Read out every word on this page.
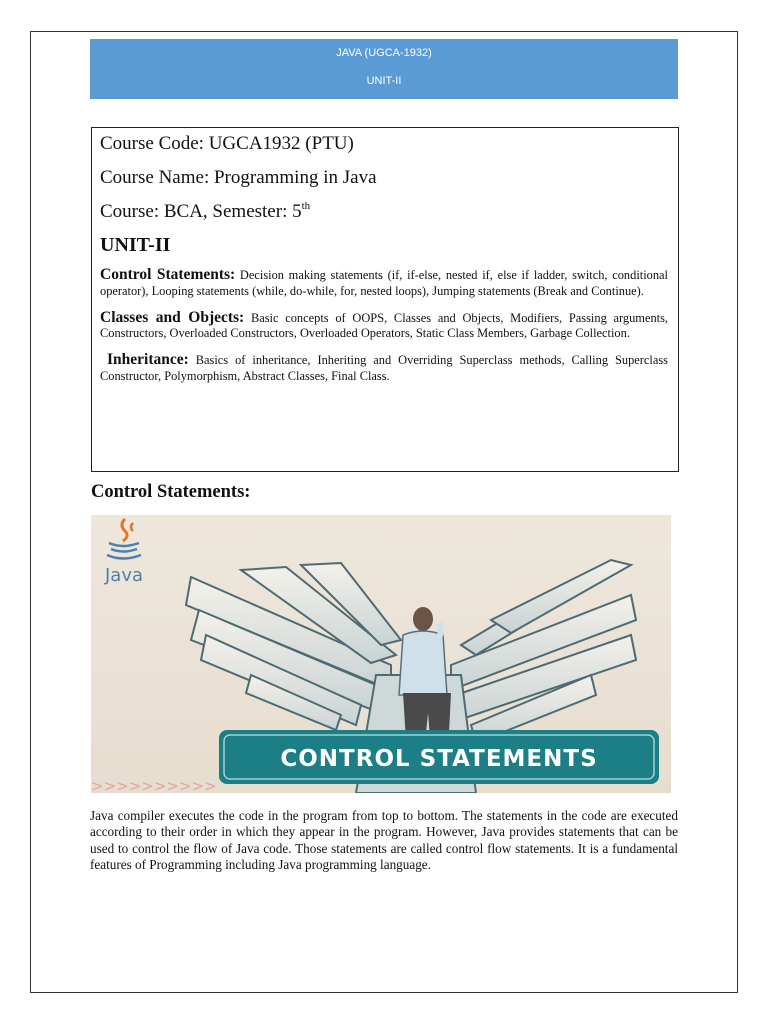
JAVA (UGCA-1932)
UNIT-II
Course Code: UGCA1932 (PTU)
Course Name: Programming in Java
Course: BCA, Semester: 5th
UNIT-II

Control Statements: Decision making statements (if, if-else, nested if, else if ladder, switch, conditional operator), Looping statements (while, do-while, for, nested loops), Jumping statements (Break and Continue).

Classes and Objects: Basic concepts of OOPS, Classes and Objects, Modifiers, Passing arguments, Constructors, Overloaded Constructors, Overloaded Operators, Static Class Members, Garbage Collection.

Inheritance: Basics of inheritance, Inheriting and Overriding Superclass methods, Calling Superclass Constructor, Polymorphism, Abstract Classes, Final Class.

Control Statements:
Java
CONTROL STATEMENTS
>>>>>>>>>>

Java compiler executes the code in the program from top to bottom. The statements in the code are executed according to their order in which they appear in the program. However, Java provides statements that can be used to control the flow of Java code. Those statements are called control flow statements. It is a fundamental features of Programming including Java programming language.
